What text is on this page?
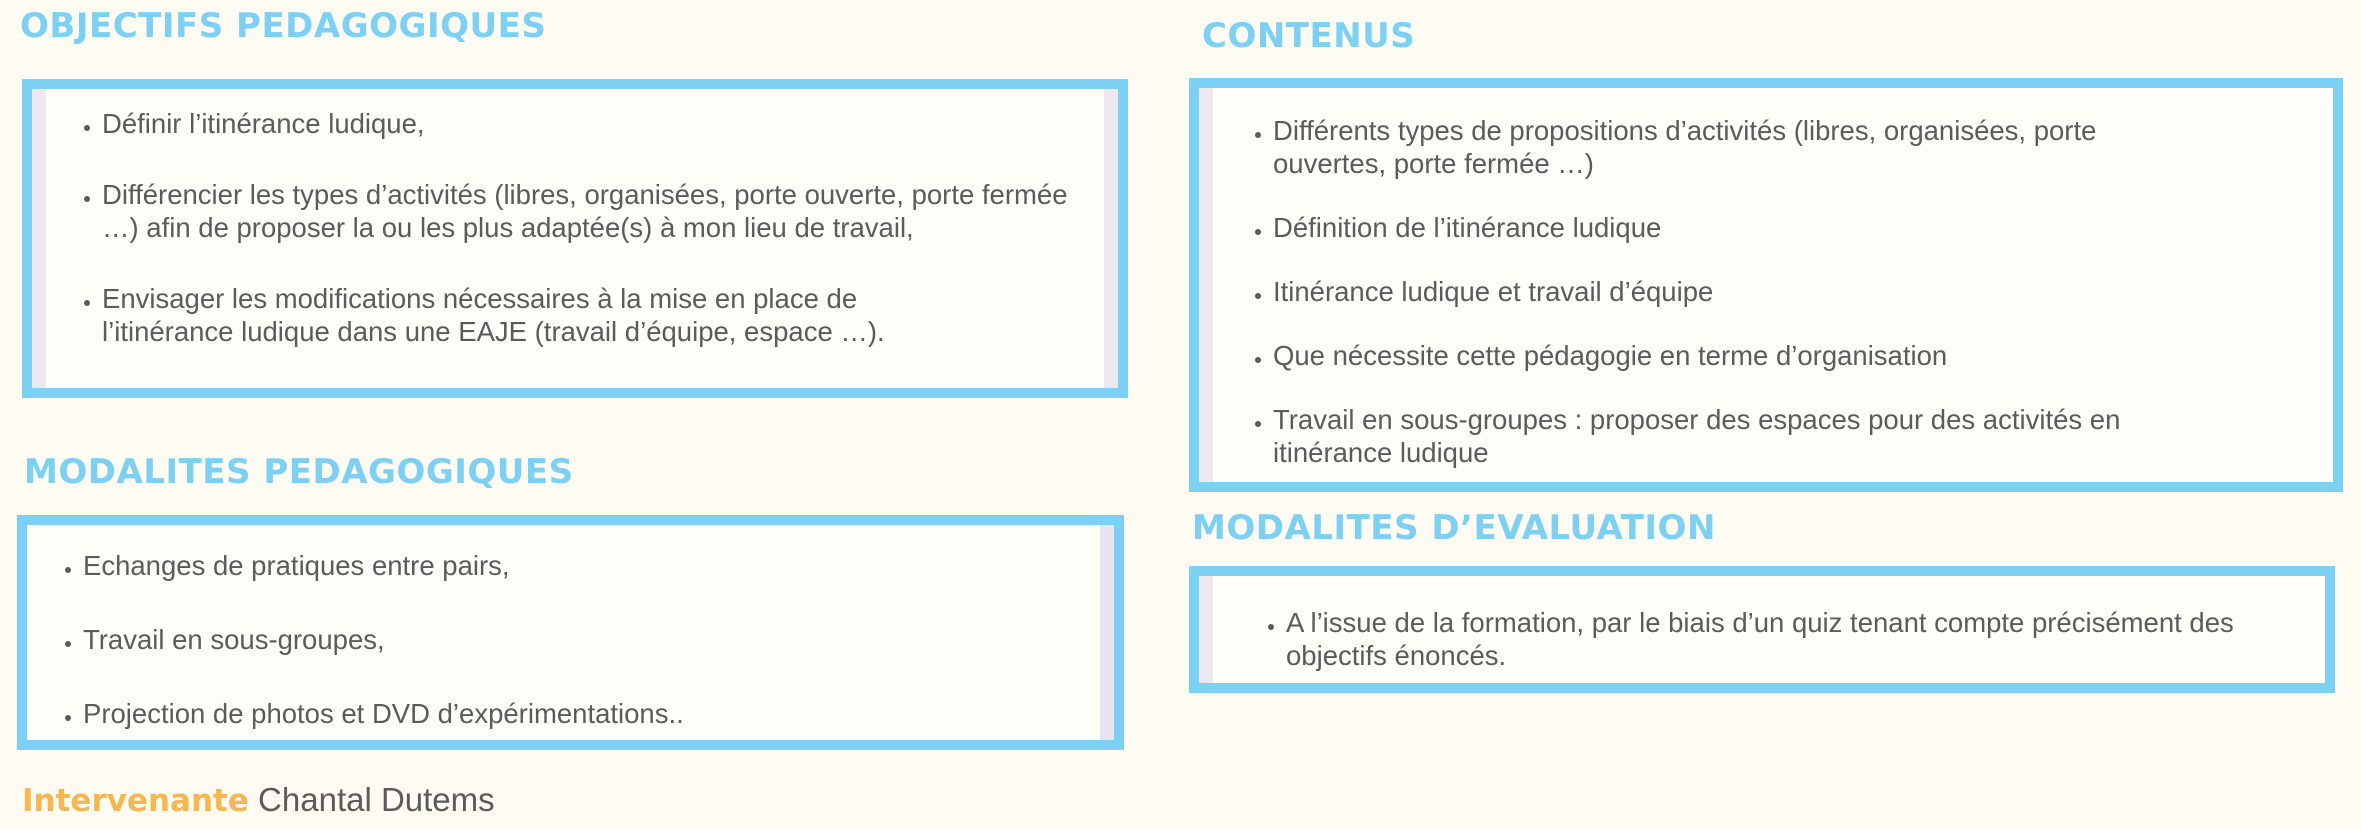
OBJECTIFS PEDAGOGIQUES
• Définir l’itinérance ludique,
• Différencier les types d’activités (libres, organisées, porte ouverte, porte fermée …) afin de proposer la ou les plus adaptée(s) à mon lieu de travail,
• Envisager les modifications nécessaires à la mise en place de l’itinérance ludique dans une EAJE (travail d’équipe, espace …).
MODALITES PEDAGOGIQUES
• Echanges de pratiques entre pairs,
• Travail en sous-groupes,
• Projection de photos et DVD d’expérimentations..
CONTENUS
• Différents types de propositions d’activités (libres, organisées, porte ouvertes, porte fermée …)
• Définition de l’itinérance ludique
• Itinérance ludique et travail d’équipe
• Que nécessite cette pédagogie en terme d’organisation
• Travail en sous-groupes : proposer des espaces pour des activités en itinérance ludique
MODALITES D’EVALUATION
• A l’issue de la formation, par le biais d’un quiz tenant compte précisément des objectifs énoncés.
Intervenante Chantal Dutems
